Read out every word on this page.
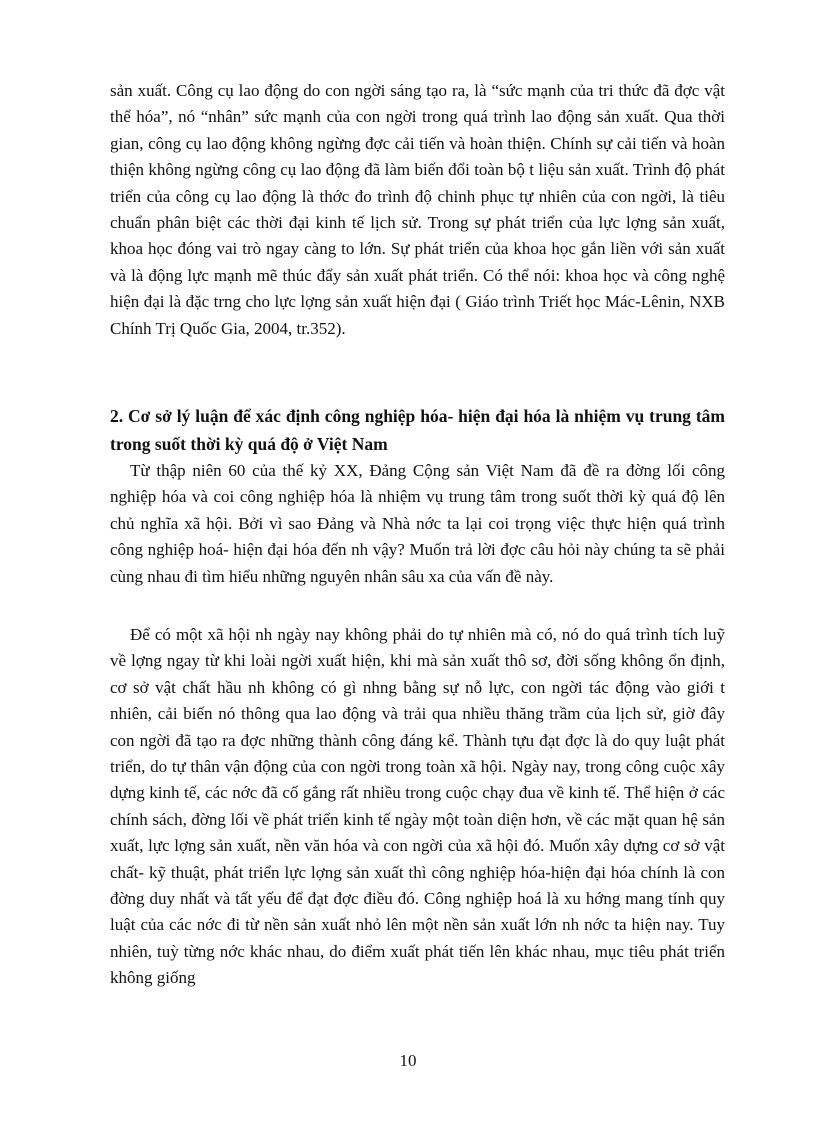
sản xuất. Công cụ lao động do con ngời sáng tạo ra, là “sức mạnh của tri thức đã đợc vật thể hóa”, nó “nhân” sức mạnh của con ngời trong quá trình lao động sản xuất. Qua thời gian, công cụ lao động không ngừng đợc cải tiến và hoàn thiện. Chính sự cải tiến và hoàn thiện không ngừng công cụ lao động đã làm biến đổi toàn bộ t liệu sản xuất. Trình độ phát triển của công cụ lao động là thớc đo trình độ chinh phục tự nhiên của con ngời, là tiêu chuẩn phân biệt các thời đại kinh tế lịch sử. Trong sự phát triển của lực lợng sản xuất, khoa học đóng vai trò ngay càng to lớn. Sự phát triển của khoa học gắn liền với sản xuất và là động lực mạnh mẽ thúc đẩy sản xuất phát triển. Có thể nói: khoa học và công nghệ hiện đại là đặc trng cho lực lợng sản xuất hiện đại ( Giáo trình Triết học Mác-Lênin, NXB Chính Trị Quốc Gia, 2004, tr.352).

2. Cơ sở lý luận để xác định công nghiệp hóa- hiện đại hóa là nhiệm vụ trung tâm trong suốt thời kỳ quá độ ở Việt Nam

Từ thập niên 60 của thế kỷ XX, Đảng Cộng sản Việt Nam đã đề ra đờng lối công nghiệp hóa và coi công nghiệp hóa là nhiệm vụ trung tâm trong suốt thời kỳ quá độ lên chủ nghĩa xã hội. Bởi vì sao Đảng và Nhà nớc ta lại coi trọng việc thực hiện quá trình công nghiệp hoá- hiện đại hóa đến nh vậy? Muốn trả lời đợc câu hỏi này chúng ta sẽ phải cùng nhau đi tìm hiểu những nguyên nhân sâu xa của vấn đề này.

Để có một xã hội nh ngày nay không phải do tự nhiên mà có, nó do quá trình tích luỹ về lợng ngay từ khi loài ngời xuất hiện, khi mà sản xuất thô sơ, đời sống không ổn định, cơ sở vật chất hầu nh không có gì nhng bằng sự nỗ lực, con ngời tác động vào giới t nhiên, cải biến nó thông qua lao động và trải qua nhiều thăng trầm của lịch sử, giờ đây con ngời đã tạo ra đợc những thành công đáng kể. Thành tựu đạt đợc là do quy luật phát triển, do tự thân vận động của con ngời trong toàn xã hội. Ngày nay, trong công cuộc xây dựng kinh tế, các nớc đã cố gắng rất nhiều trong cuộc chạy đua về kinh tế. Thể hiện ở các chính sách, đờng lối về phát triển kinh tế ngày một toàn diện hơn, về các mặt quan hệ sản xuất, lực lợng sản xuất, nền văn hóa và con ngời của xã hội đó. Muốn xây dựng cơ sở vật chất- kỹ thuật, phát triển lực lợng sản xuất thì công nghiệp hóa-hiện đại hóa chính là con đờng duy nhất và tất yếu để đạt đợc điều đó. Công nghiệp hoá là xu hớng mang tính quy luật của các nớc đi từ nền sản xuất nhỏ lên một nền sản xuất lớn nh nớc ta hiện nay. Tuy nhiên, tuỳ từng nớc khác nhau, do điểm xuất phát tiến lên khác nhau, mục tiêu phát triển không giống

10
